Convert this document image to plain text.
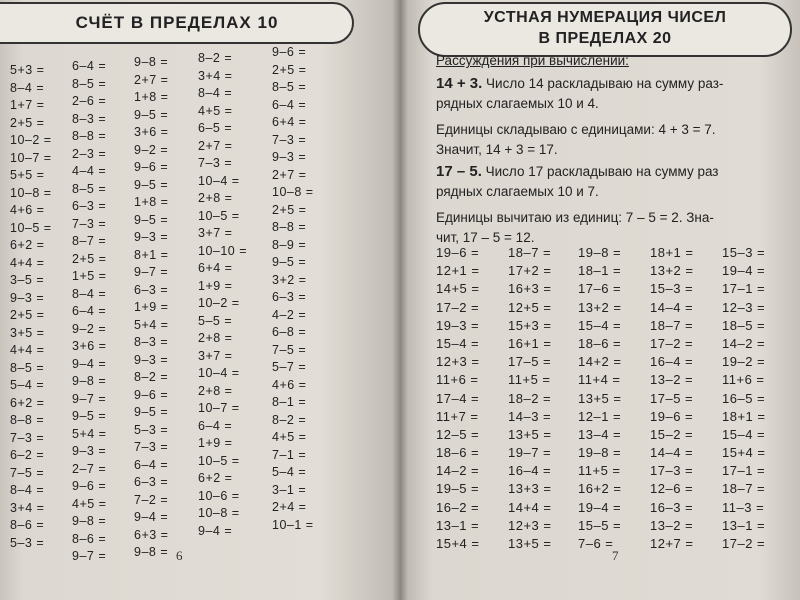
СЧЁТ В ПРЕДЕЛАХ 10
5+3 =
8–4 =
1+7 =
2+5 =
10–2 =
10–7 =
5+5 =
10–8 =
4+6 =
10–5 =
6+2 =
4+4 =
3–5 =
9–3 =
2+5 =
3+5 =
4+4 =
8–5 =
5–4 =
6+2 =
8–8 =
7–3 =
6–2 =
7–5 =
8–4 =
3+4 =
8–6 =
5–3 =
6–4 =
8–5 =
2–6 =
8–3 =
8–8 =
2–3 =
4–4 =
8–5 =
6–3 =
7–3 =
8–7 =
2+5 =
1+5 =
8–4 =
6–4 =
9–2 =
3+6 =
9–4 =
9–8 =
9–7 =
9–5 =
5+4 =
9–3 =
2–7 =
9–6 =
4+5 =
9–8 =
8–6 =
9–7 =
9–8 =
2+7 =
1+8 =
9–5 =
3+6 =
9–2 =
9–6 =
9–5 =
1+8 =
9–5 =
9–3 =
8+1 =
9–7 =
6–3 =
1+9 =
5+4 =
8–3 =
9–3 =
8–2 =
9–6 =
9–5 =
5–3 =
7–3 =
6–4 =
6–3 =
7–2 =
9–4 =
6+3 =
9–8 =
8–2 =
3+4 =
8–4 =
4+5 =
6–5 =
2+7 =
7–3 =
10–4 =
2+8 =
10–5 =
3+7 =
10–10 =
6+4 =
1+9 =
10–2 =
5–5 =
2+8 =
3+7 =
10–4 =
2+8 =
10–7 =
6–4 =
1+9 =
10–5 =
6+2 =
10–6 =
10–8 =
9–4 =
9–6 =
2+5 =
8–5 =
6–4 =
6+4 =
7–3 =
9–3 =
2+7 =
10–8 =
2+5 =
8–8 =
8–9 =
9–5 =
3+2 =
6–3 =
4–2 =
6–8 =
7–5 =
5–7 =
4+6 =
8–1 =
8–2 =
4+5 =
7–1 =
5–4 =
3–1 =
2+4 =
10–1 =
6
УСТНАЯ НУМЕРАЦИЯ ЧИСЕЛ
В ПРЕДЕЛАХ 20
Рассуждения при вычислении:
14 + 3. Число 14 раскладываю на сумму раз-
рядных слагаемых 10 и 4.
Единицы складываю с единицами: 4 + 3 = 7.
Значит, 14 + 3 = 17.
17 – 5. Число 17 раскладываю на сумму раз
рядных слагаемых 10 и 7.
Единицы вычитаю из единиц: 7 – 5 = 2. Зна-
чит, 17 – 5 = 12.
19–6 =
12+1 =
14+5 =
17–2 =
19–3 =
15–4 =
12+3 =
11+6 =
17–4 =
11+7 =
12–5 =
18–6 =
14–2 =
19–5 =
16–2 =
13–1 =
15+4 =
18–7 =
17+2 =
16+3 =
12+5 =
15+3 =
16+1 =
17–5 =
11+5 =
18–2 =
14–3 =
13+5 =
19–7 =
16–4 =
13+3 =
14+4 =
12+3 =
13+5 =
19–8 =
18–1 =
17–6 =
13+2 =
15–4 =
18–6 =
14+2 =
11+4 =
13+5 =
12–1 =
13–4 =
19–8 =
11+5 =
16+2 =
19–4 =
15–5 =
7–6 =
18+1 =
13+2 =
15–3 =
14–4 =
18–7 =
17–2 =
16–4 =
13–2 =
17–5 =
19–6 =
15–2 =
14–4 =
17–3 =
12–6 =
16–3 =
13–2 =
12+7 =
15–3 =
19–4 =
17–1 =
12–3 =
18–5 =
14–2 =
19–2 =
11+6 =
16–5 =
18+1 =
15–4 =
15+4 =
17–1 =
18–7 =
11–3 =
13–1 =
17–2 =
7
